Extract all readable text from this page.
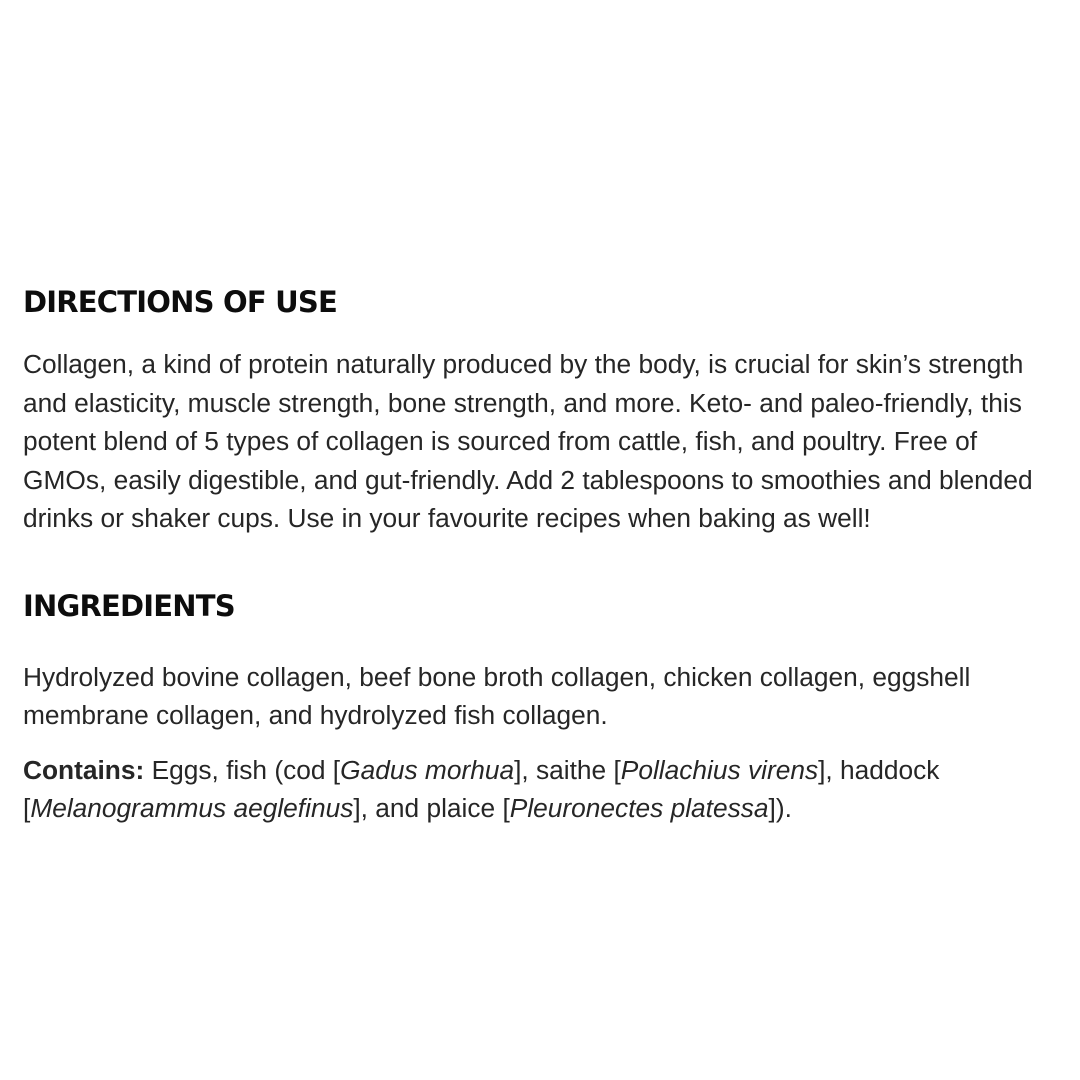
DIRECTIONS OF USE

Collagen, a kind of protein naturally produced by the body, is crucial for skin’s strength
and elasticity, muscle strength, bone strength, and more. Keto- and paleo-friendly, this
potent blend of 5 types of collagen is sourced from cattle, fish, and poultry. Free of
GMOs, easily digestible, and gut-friendly. Add 2 tablespoons to smoothies and blended
drinks or shaker cups. Use in your favourite recipes when baking as well!

INGREDIENTS

Hydrolyzed bovine collagen, beef bone broth collagen, chicken collagen, eggshell
membrane collagen, and hydrolyzed fish collagen.

Contains: Eggs, fish (cod [Gadus morhua], saithe [Pollachius virens], haddock
[Melanogrammus aeglefinus], and plaice [Pleuronectes platessa]).
